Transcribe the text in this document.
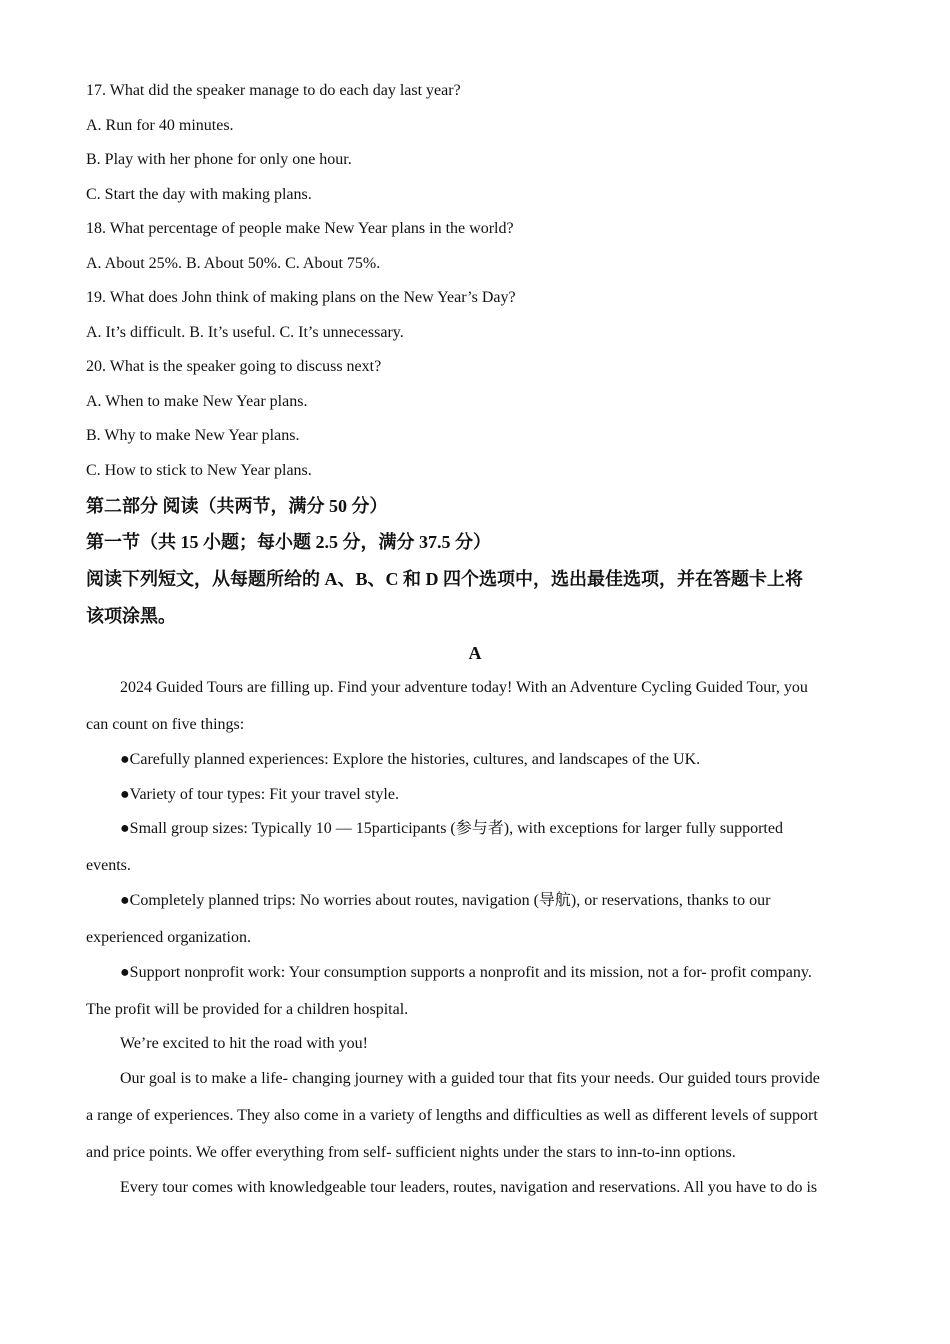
17. What did the speaker manage to do each day last year?
A. Run for 40 minutes.
B. Play with her phone for only one hour.
C. Start the day with making plans.
18. What percentage of people make New Year plans in the world?
A. About 25%. B. About 50%. C. About 75%.
19. What does John think of making plans on the New Year’s Day?
A. It’s difficult. B. It’s useful. C. It’s unnecessary.
20. What is the speaker going to discuss next?
A. When to make New Year plans.
B. Why to make New Year plans.
C. How to stick to New Year plans.
第二部分 阅读（共两节，满分 50 分）
第一节（共 15 小题；每小题 2.5 分，满分 37.5 分）
阅读下列短文，从每题所给的 A、B、C 和 D 四个选项中，选出最佳选项，并在答题卡上将
该项涂黑。
A
2024 Guided Tours are filling up. Find your adventure today! With an Adventure Cycling Guided Tour, you
can count on five things:
●Carefully planned experiences: Explore the histories, cultures, and landscapes of the UK.
●Variety of tour types: Fit your travel style.
●Small group sizes: Typically 10 — 15participants (参与者), with exceptions for larger fully supported
events.
●Completely planned trips: No worries about routes, navigation (导航), or reservations, thanks to our
experienced organization.
●Support nonprofit work: Your consumption supports a nonprofit and its mission, not a for- profit company.
The profit will be provided for a children hospital.
We’re excited to hit the road with you!
Our goal is to make a life- changing journey with a guided tour that fits your needs. Our guided tours provide
a range of experiences. They also come in a variety of lengths and difficulties as well as different levels of support
and price points. We offer everything from self- sufficient nights under the stars to inn-to-inn options.
Every tour comes with knowledgeable tour leaders, routes, navigation and reservations. All you have to do is
